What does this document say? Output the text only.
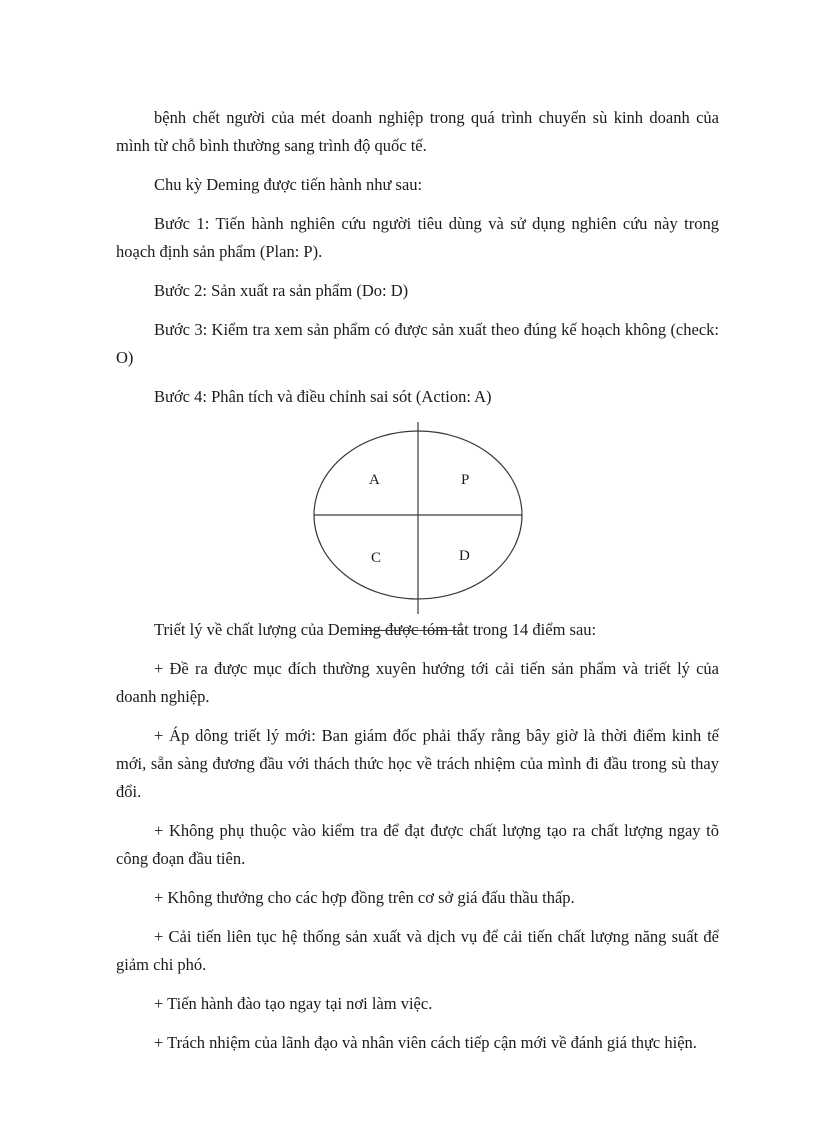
bệnh chết người của mét doanh nghiệp trong quá trình chuyển sù kinh doanh của mình từ chỗ bình thường sang trình độ quốc tế.

Chu kỳ Deming được tiến hành như sau:

Bước 1: Tiến hành nghiên cứu người tiêu dùng và sử dụng nghiên cứu này trong hoạch định sản phẩm (Plan: P).

Bước 2: Sản xuất ra sản phẩm (Do: D)

Bước 3: Kiểm tra xem sản phẩm có được sản xuất theo đúng kế hoạch không (check: O)

Bước 4: Phân tích và điều chỉnh sai sót (Action: A)

A	P
C	D

Triết lý về chất lượng của Deming được tóm tắt trong 14 điểm sau:

+ Đề ra được mục đích thường xuyên hướng tới cải tiến sản phẩm và triết lý của doanh nghiệp.

+ Áp dông triết lý mới: Ban giám đốc phải thấy rằng bây giờ là thời điểm kinh tế mới, sẵn sàng đương đầu với thách thức học về trách nhiệm của mình đi đầu trong sù thay đổi.

+ Không phụ thuộc vào kiểm tra để đạt được chất lượng tạo ra chất lượng ngay tõ công đoạn đầu tiên.

+ Không thưởng cho các hợp đồng trên cơ sở giá đấu thầu thấp.

+ Cải tiến liên tục hệ thống sản xuất và dịch vụ để cải tiến chất lượng năng suất để giảm chi phó.

+ Tiến hành đào tạo ngay tại nơi làm việc.

+ Trách nhiệm của lãnh đạo và nhân viên cách tiếp cận mới về đánh giá thực hiện.
